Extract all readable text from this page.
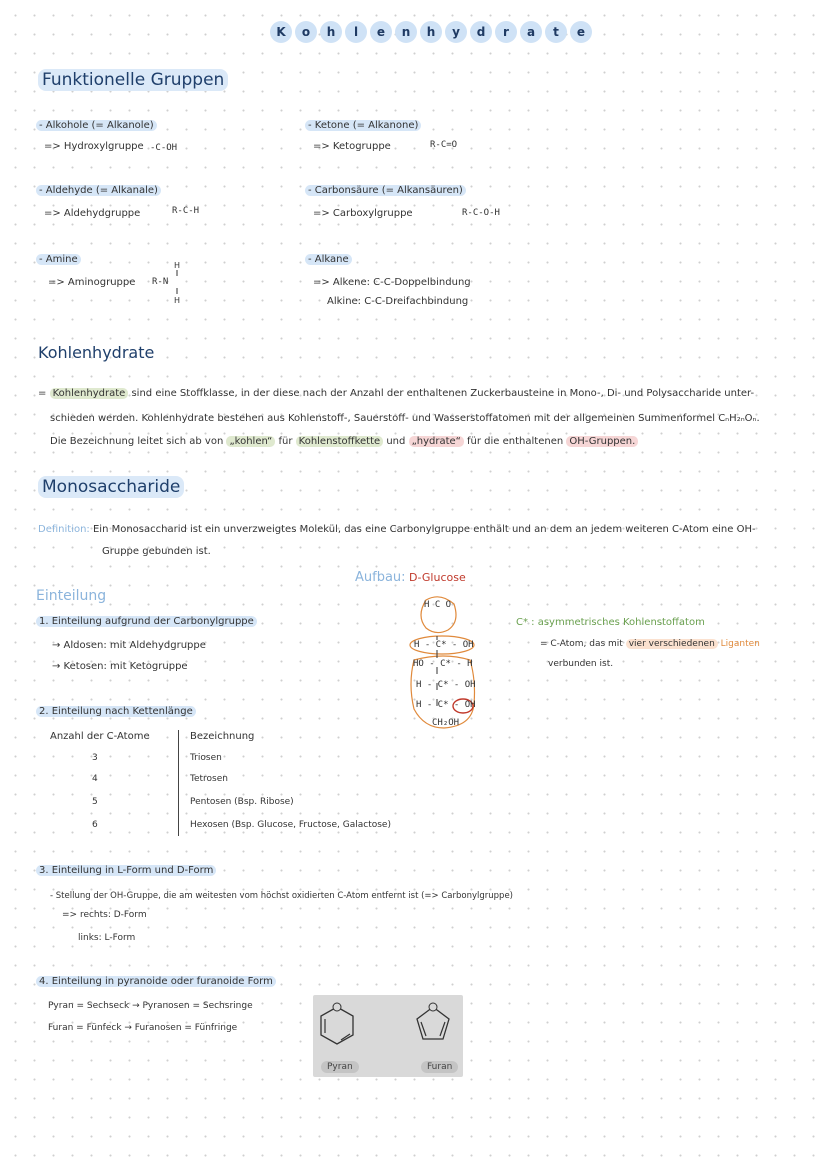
K	o	h	l	e	n	h	y	d	r	a	t	e
Funktionelle Gruppen
- Alkohole (= Alkanole)
=> Hydroxylgruppe -C-OH
- Ketone (= Alkanone)
=> Ketogruppe	R-C=O
- Aldehyde (= Alkanale)
=> Aldehydgruppe	R-C-H
- Carbonsäure (= Alkansäuren)
=> Carboxylgruppe	R-C-O-H
- Amine
=> Aminogruppe R-N
H
H
- Alkane
=> Alkene: C-C-Doppelbindung
Alkine: C-C-Dreifachbindung
Kohlenhydrate
= Kohlenhydrate sind eine Stoffklasse, in der diese nach der Anzahl der enthaltenen Zuckerbausteine in Mono-, Di- und Polysaccharide unter-
schieden werden. Kohlenhydrate bestehen aus Kohlenstoff-, Sauerstoff- und Wasserstoffatomen mit der allgemeinen Summenformel CₙH₂ₙOₙ.
Die Bezeichnung leitet sich ab von „kohlen“ für Kohlenstoffkette und „hydrate“ für die enthaltenen OH-Gruppen.
Monosaccharide
Definition: Ein Monosaccharid ist ein unverzweigtes Molekül, das eine Carbonylgruppe enthält und an dem an jedem weiteren C-Atom eine OH-
Gruppe gebunden ist.
Aufbau: D-Glucose
Einteilung
1. Einteilung aufgrund der Carbonylgruppe
→ Aldosen: mit Aldehydgruppe
→ Ketosen: mit Ketogruppe
H C O
H - C* - OH
HO - C* - H
H - C* - OH
H - C* - OH
CH₂OH
C* : asymmetrisches Kohlenstoffatom
= C-Atom, das mit vier verschiedenen Liganten
verbunden ist.
2. Einteilung nach Kettenlänge
Anzahl der C-Atome	Bezeichnung
3	Triosen
4	Tetrosen
5	Pentosen (Bsp. Ribose)
6	Hexosen (Bsp. Glucose, Fructose, Galactose)
3. Einteilung in L-Form und D-Form
- Stellung der OH-Gruppe, die am weitesten vom höchst oxidierten C-Atom entfernt ist (=> Carbonylgruppe)
=> rechts: D-Form
links: L-Form
4. Einteilung in pyranoide oder furanoide Form
Pyran = Sechseck → Pyranosen = Sechsringe
Furan = Fünfeck → Furanosen = Fünfringe
Pyran	Furan
